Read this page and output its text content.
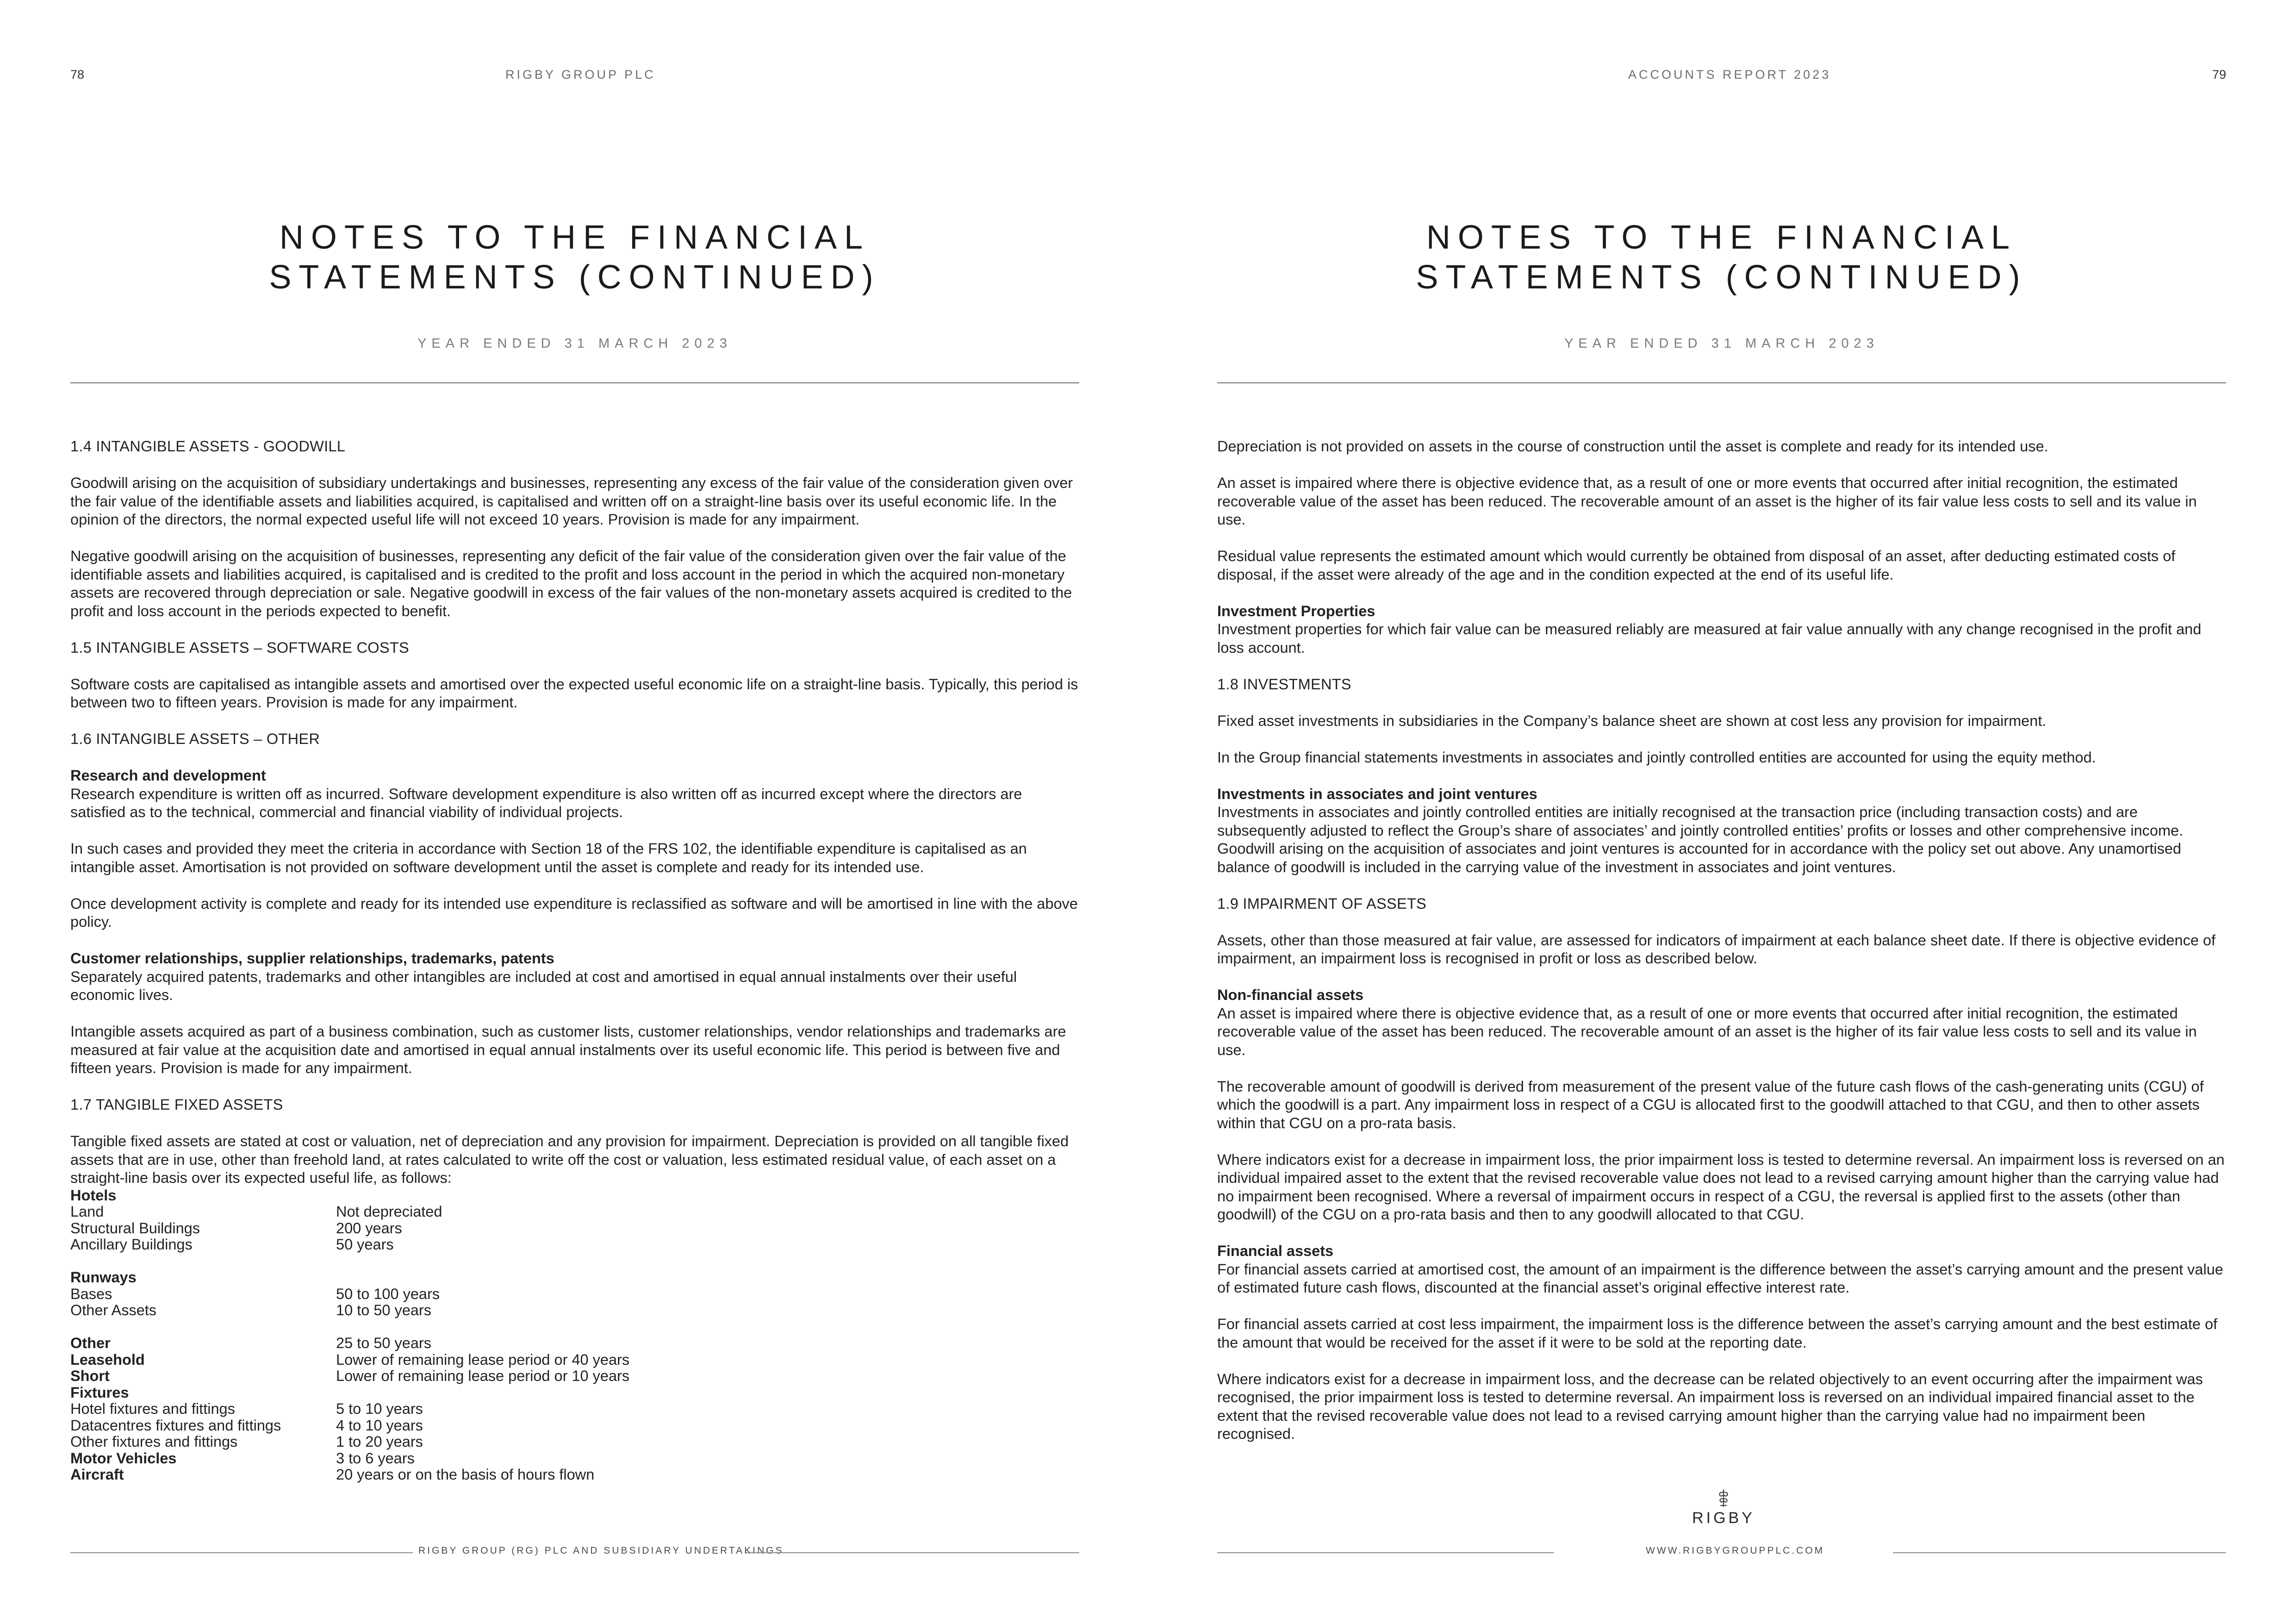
78	RIGBY GROUP PLC
NOTES TO THE FINANCIAL
STATEMENTS (CONTINUED)
YEAR ENDED 31 MARCH 2023
1.4 INTANGIBLE ASSETS - GOODWILL

Goodwill arising on the acquisition of subsidiary undertakings and businesses, representing any excess of the fair value of the consideration given over the fair value of the identifiable assets and liabilities acquired, is capitalised and written off on a straight-line basis over its useful economic life. In the opinion of the directors, the normal expected useful life will not exceed 10 years. Provision is made for any impairment.

Negative goodwill arising on the acquisition of businesses, representing any deficit of the fair value of the consideration given over the fair value of the identifiable assets and liabilities acquired, is capitalised and is credited to the profit and loss account in the period in which the acquired non-monetary assets are recovered through depreciation or sale. Negative goodwill in excess of the fair values of the non-monetary assets acquired is credited to the profit and loss account in the periods expected to benefit.

1.5 INTANGIBLE ASSETS – SOFTWARE COSTS

Software costs are capitalised as intangible assets and amortised over the expected useful economic life on a straight-line basis. Typically, this period is between two to fifteen years. Provision is made for any impairment.

1.6 INTANGIBLE ASSETS – OTHER

Research and development
Research expenditure is written off as incurred. Software development expenditure is also written off as incurred except where the directors are satisfied as to the technical, commercial and financial viability of individual projects.

In such cases and provided they meet the criteria in accordance with Section 18 of the FRS 102, the identifiable expenditure is capitalised as an intangible asset. Amortisation is not provided on software development until the asset is complete and ready for its intended use.

Once development activity is complete and ready for its intended use expenditure is reclassified as software and will be amortised in line with the above policy.

Customer relationships, supplier relationships, trademarks, patents
Separately acquired patents, trademarks and other intangibles are included at cost and amortised in equal annual instalments over their useful economic lives.

Intangible assets acquired as part of a business combination, such as customer lists, customer relationships, vendor relationships and trademarks are measured at fair value at the acquisition date and amortised in equal annual instalments over its useful economic life. This period is between five and fifteen years. Provision is made for any impairment.

1.7 TANGIBLE FIXED ASSETS

Tangible fixed assets are stated at cost or valuation, net of depreciation and any provision for impairment. Depreciation is provided on all tangible fixed assets that are in use, other than freehold land, at rates calculated to write off the cost or valuation, less estimated residual value, of each asset on a straight-line basis over its expected useful life, as follows:

Hotels
Land	Not depreciated
Structural Buildings	200 years
Ancillary Buildings	50 years
Runways
Bases	50 to 100 years
Other Assets	10 to 50 years
Other	25 to 50 years
Leasehold	Lower of remaining lease period or 40 years
Short	Lower of remaining lease period or 10 years
Fixtures
Hotel fixtures and fittings	5 to 10 years
Datacentres fixtures and fittings	4 to 10 years
Other fixtures and fittings	1 to 20 years
Motor Vehicles	3 to 6 years
Aircraft	20 years or on the basis of hours flown
RIGBY GROUP (RG) PLC AND SUBSIDIARY UNDERTAKINGS
ACCOUNTS REPORT 2023	79
NOTES TO THE FINANCIAL
STATEMENTS (CONTINUED)
YEAR ENDED 31 MARCH 2023

Depreciation is not provided on assets in the course of construction until the asset is complete and ready for its intended use.

An asset is impaired where there is objective evidence that, as a result of one or more events that occurred after initial recognition, the estimated recoverable value of the asset has been reduced. The recoverable amount of an asset is the higher of its fair value less costs to sell and its value in use.

Residual value represents the estimated amount which would currently be obtained from disposal of an asset, after deducting estimated costs of disposal, if the asset were already of the age and in the condition expected at the end of its useful life.

Investment Properties
Investment properties for which fair value can be measured reliably are measured at fair value annually with any change recognised in the profit and loss account.

1.8 INVESTMENTS

Fixed asset investments in subsidiaries in the Company’s balance sheet are shown at cost less any provision for impairment.

In the Group financial statements investments in associates and jointly controlled entities are accounted for using the equity method.

Investments in associates and joint ventures
Investments in associates and jointly controlled entities are initially recognised at the transaction price (including transaction costs) and are subsequently adjusted to reflect the Group’s share of associates’ and jointly controlled entities’ profits or losses and other comprehensive income. Goodwill arising on the acquisition of associates and joint ventures is accounted for in accordance with the policy set out above. Any unamortised balance of goodwill is included in the carrying value of the investment in associates and joint ventures.

1.9 IMPAIRMENT OF ASSETS

Assets, other than those measured at fair value, are assessed for indicators of impairment at each balance sheet date. If there is objective evidence of impairment, an impairment loss is recognised in profit or loss as described below.

Non-financial assets
An asset is impaired where there is objective evidence that, as a result of one or more events that occurred after initial recognition, the estimated recoverable value of the asset has been reduced. The recoverable amount of an asset is the higher of its fair value less costs to sell and its value in use.

The recoverable amount of goodwill is derived from measurement of the present value of the future cash flows of the cash-generating units (CGU) of which the goodwill is a part. Any impairment loss in respect of a CGU is allocated first to the goodwill attached to that CGU, and then to other assets within that CGU on a pro-rata basis.

Where indicators exist for a decrease in impairment loss, the prior impairment loss is tested to determine reversal. An impairment loss is reversed on an individual impaired asset to the extent that the revised recoverable value does not lead to a revised carrying amount higher than the carrying value had no impairment been recognised. Where a reversal of impairment occurs in respect of a CGU, the reversal is applied first to the assets (other than goodwill) of the CGU on a pro-rata basis and then to any goodwill allocated to that CGU.

Financial assets
For financial assets carried at amortised cost, the amount of an impairment is the difference between the asset’s carrying amount and the present value of estimated future cash flows, discounted at the financial asset’s original effective interest rate.

For financial assets carried at cost less impairment, the impairment loss is the difference between the asset’s carrying amount and the best estimate of the amount that would be received for the asset if it were to be sold at the reporting date.

Where indicators exist for a decrease in impairment loss, and the decrease can be related objectively to an event occurring after the impairment was recognised, the prior impairment loss is tested to determine reversal. An impairment loss is reversed on an individual impaired financial asset to the extent that the revised recoverable value does not lead to a revised carrying amount higher than the carrying value had no impairment been recognised.

RIGBY
WWW.RIGBYGROUPPLC.COM
